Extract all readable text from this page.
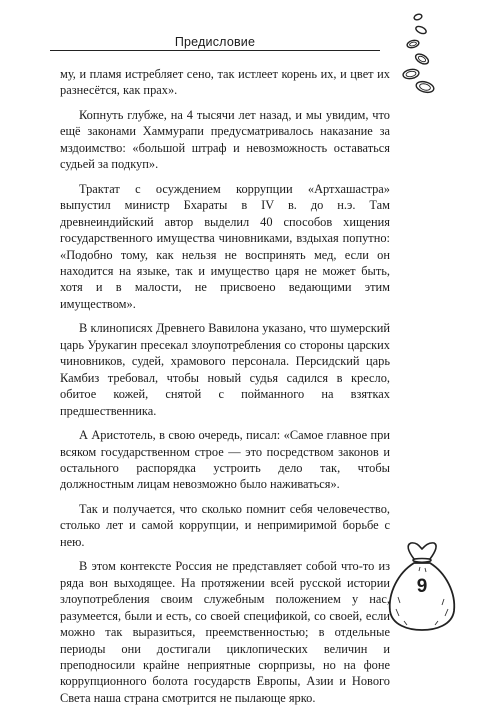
Предисловие

му, и пламя истребляет сено, так истлеет корень их, и цвет их разнесётся, как прах».

Копнуть глубже, на 4 тысячи лет назад, и мы увидим, что ещё законами Хаммурапи предусматривалось наказание за мздоимство: «большой штраф и невозможность оставаться судьей за подкуп».

Трактат с осуждением коррупции «Артхашастра» выпустил министр Бхараты в IV в. до н.э. Там древнеиндийский автор выделил 40 способов хищения государственного имущества чиновниками, вздыхая попутно: «Подобно тому, как нельзя не воспринять мед, если он находится на языке, так и имущество царя не может быть, хотя и в малости, не присвоено ведающими этим имуществом».

В клинописях Древнего Вавилона указано, что шумерский царь Урукагин пресекал злоупотребления со стороны царских чиновников, судей, храмового персонала. Персидский царь Камбиз требовал, чтобы новый судья садился в кресло, обитое кожей, снятой с пойманного на взятках предшественника.

А Аристотель, в свою очередь, писал: «Самое главное при всяком государственном строе — это посредством законов и остального распорядка устроить дело так, чтобы должностным лицам невозможно было наживаться».

Так и получается, что сколько помнит себя человечество, столько лет и самой коррупции, и непримиримой борьбе с нею.

В этом контексте Россия не представляет собой что-то из ряда вон выходящее. На протяжении всей русской истории злоупотребления своим служебным положением у нас, разумеется, были и есть, со своей спецификой, со своей, если можно так выразиться, преемственностью; в отдельные периоды они достигали циклопических величин и преподносили крайне неприятные сюрпризы, но на фоне коррупционного болота государств Европы, Азии и Нового Света наша страна смотрится не пылающе ярко.

9
